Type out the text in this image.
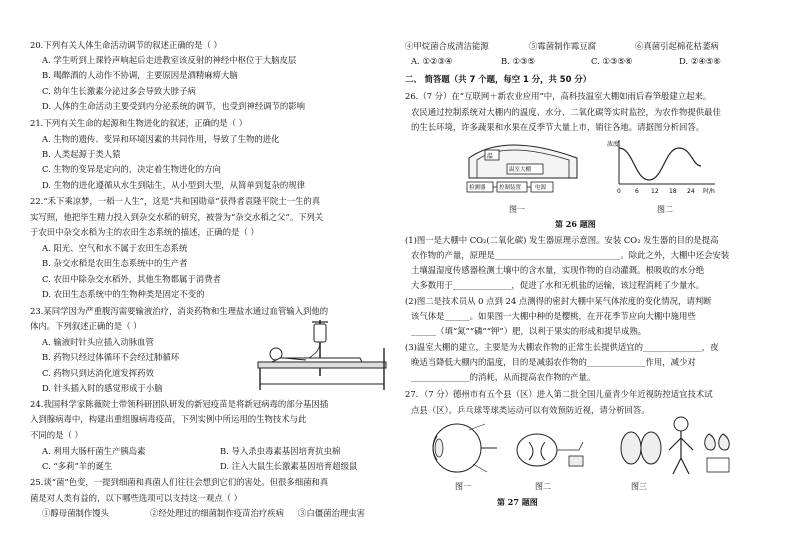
20.下列有关人体生命活动调节的叙述正确的是（ ）
A. 学生听到上课铃声响起后走进教室该反射的神经中枢位于大脑皮层
B. 喝醉酒的人动作不协调，主要原因是酒精麻痹大脑
C. 幼年生长激素分泌过多会导致大脖子病
D. 人体的生命活动主要受到内分泌系统的调节，也受到神经调节的影响
21.下列有关生命的起源和生物进化的叙述，正确的是（ ）
A. 生物的遗传、变异和环境因素的共同作用，导致了生物的进化
B. 人类起源于类人猿
C. 生物的变异是定向的，决定着生物进化的方向
D. 生物的进化遵循从水生到陆生，从小型到大型，从简单到复杂的规律
22.“禾下乘凉梦，一稻一人生”，这是“共和国勋章”获得者袁隆平院士一生的真
实写照，他把毕生精力投入到杂交水稻的研究，被誉为“杂交水稻之父”。下列关
于农田中杂交水稻为主的农田生态系统的描述，正确的是（ ）
A. 阳光、空气和水不属于农田生态系统
B. 杂交水稻是农田生态系统中的生产者
C. 农田中除杂交水稻外，其他生物都属于消费者
D. 农田生态系统中的生物种类是固定不变的
23.某同学因为严重腹泻需要输液治疗，消炎药物和生理盐水通过血管输入到他的
体内。下列叙述正确的是（ ）
A. 输液时针头应插入动脉血管
B. 药物只经过体循环不会经过肺循环
C. 药物只到达消化道发挥药效
D. 针头插入时的感觉形成于小脑
24.我国科学家陈薇院士带领科研团队研发的新冠疫苗是将新冠病毒的部分基因插
入到腺病毒中，构建出重组腺病毒疫苗，下列实例中所运用的生物技术与此
不同的是（ ）
A. 利用大肠杆菌生产胰岛素	B. 导入杀虫毒素基因培育抗虫棉
C. “多莉”羊的诞生	D. 注入大鼠生长激素基因培育超级鼠
25.谈“菌”色变，一提到细菌和真菌人们往往会想到它们的害处。但很多细菌和真
菌是对人类有益的，以下哪些选项可以支持这一观点（ ）
①醇母菌制作馒头	②经处理过的细菌制作疫苗治疗疾病 ③白僵菌治理虫害
④甲烷菌合成清洁能源	⑤霉菌制作霉豆腐	⑥真菌引起棉花枯萎病
A. ①②③④	B. ①③⑤	C. ①③⑤⑥	D. ②④⑤⑥
二、 简答题（共 7 个题，每空 1 分，共 50 分）
26.（7 分）在“互联网＋新农业应用”中，高科技温室大棚如雨后春笋般建立起来。
农民通过控制系统对大棚内的温度、水分、二氧化碳等实时监控，为农作物提供最佳
的生长环境，许多蔬果和水果在反季节大量上市，销往各地。请据图分析回答。
温
温室大棚
检测器 控制装置	电源
图一
浓度
0 6 12 18 24 时/h
图二
第 26 题图
(1)图一是大棚中 CO₂(二氧化碳) 发生器原理示意图。安装 CO₂ 发生器的目的是提高
农作物的产量，原理是______________________________。除此之外，大棚中还会安装
土壤温湿度传感器检测土壤中的含水量，实现作物的自动灌溉。根吸收的水分绝
大多数用于______________，促进了水和无机盐的运输，该过程消耗了少量水。
(2)图二是技术员从 0 点到 24 点测得的密封大棚中某气体浓度的变化情况，请判断
该气体是______。如果图一大棚中种的是樱桃，在开花季节应向大棚中施用些
______（填“氮”“磷”“钾”）肥，以利于果实的形成和提早成熟。
(3)温室大棚的建立，主要是为大棚农作物的正常生长提供适宜的______________，夜
晚适当降低大棚内的温度，目的是减弱农作物的______________作用，减少对
______________的消耗，从而提高农作物的产量。
27．（7 分）德州市有五个县（区）进入第二批全国儿童青少年近视防控适宜技术试
点县（区）。乒乓球等球类运动可以有效预防近视，请分析回答。
图一	图二	图三
第 27 题图
